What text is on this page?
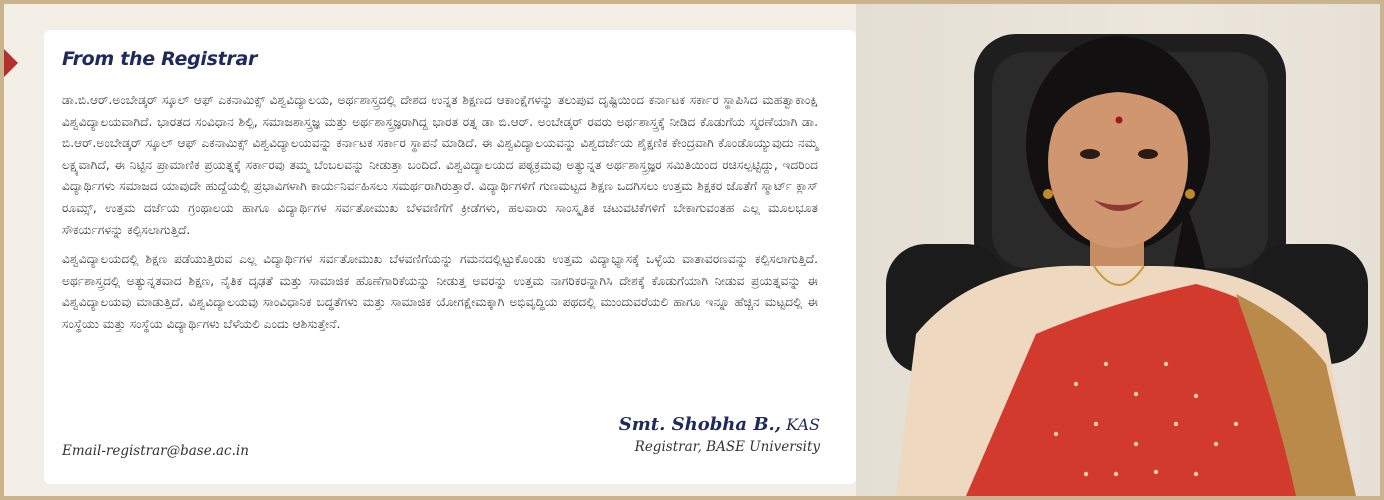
From the Registrar

ಡಾ.ಬಿ.ಆರ್.ಅಂಬೇಡ್ಕರ್ ಸ್ಕೂಲ್ ಆಫ್ ಎಕನಾಮಿಕ್ಸ್ ವಿಶ್ವವಿದ್ಯಾಲಯ, ಅರ್ಥಶಾಸ್ತ್ರದಲ್ಲಿ ದೇಶದ ಉನ್ನತ ಶಿಕ್ಷಣದ ಆಕಾಂಕ್ಷೆಗಳನ್ನು ತಲುಪುವ ದೃಷ್ಟಿಯಿಂದ ಕರ್ನಾಟಕ ಸರ್ಕಾರ ಸ್ಥಾಪಿಸಿದ ಮಹತ್ವಾಕಾಂಕ್ಷಿ ವಿಶ್ವವಿದ್ಯಾಲಯವಾಗಿದೆ. ಭಾರತದ ಸಂವಿಧಾನ ಶಿಲ್ಪಿ, ಸಮಾಜಶಾಸ್ತ್ರಜ್ಞ ಮತ್ತು ಅರ್ಥಶಾಸ್ತ್ರಜ್ಞರಾಗಿದ್ದ ಭಾರತ ರತ್ನ ಡಾ ಬಿ.ಆರ್. ಅಂಬೇಡ್ಕರ್ ರವರು ಅರ್ಥಶಾಸ್ತ್ರಕ್ಕೆ ನೀಡಿದ ಕೊಡುಗೆಯ ಸ್ಮರಣೆಯಾಗಿ ಡಾ. ಬಿ.ಆರ್.ಅಂಬೇಡ್ಕರ್ ಸ್ಕೂಲ್ ಆಫ್ ಎಕನಾಮಿಕ್ಸ್ ವಿಶ್ವವಿದ್ಯಾಲಯವನ್ನು ಕರ್ನಾಟಕ ಸರ್ಕಾರ ಸ್ಥಾಪನೆ ಮಾಡಿದೆ. ಈ ವಿಶ್ವವಿದ್ಯಾಲಯವನ್ನು ವಿಶ್ವದರ್ಜೆಯ ಶೈಕ್ಷಣಿಕ ಕೇಂದ್ರವಾಗಿ ಕೊಂಡೊಯ್ಯುವುದು ನಮ್ಮ ಲಕ್ಷ್ಯವಾಗಿದೆ, ಈ ನಿಟ್ಟಿನ ಪ್ರಾಮಾಣಿಕ ಪ್ರಯತ್ನಕ್ಕೆ ಸರ್ಕಾರವು ತಮ್ಮ ಬೆಂಬಲವನ್ನು ನೀಡುತ್ತಾ ಬಂದಿದೆ. ವಿಶ್ವವಿದ್ಯಾಲಯದ ಪಠ್ಯಕ್ರಮವು ಅತ್ಯುನ್ನತ ಅರ್ಥಶಾಸ್ತ್ರಜ್ಞರ ಸಮಿತಿಯಿಂದ ರಚಿಸಲ್ಪಟ್ಟಿದ್ದು, ಇದರಿಂದ ವಿದ್ಯಾರ್ಥಿಗಳು ಸಮಾಜದ ಯಾವುದೇ ಹುದ್ದೆಯಲ್ಲಿ ಪ್ರಭಾವಿಗಳಾಗಿ ಕಾರ್ಯನಿರ್ವಹಿಸಲು ಸಮರ್ಥರಾಗಿರುತ್ತಾರೆ. ವಿದ್ಯಾರ್ಥಿಗಳಿಗೆ ಗುಣಮಟ್ಟದ ಶಿಕ್ಷಣ ಒದಗಿಸಲು ಉತ್ತಮ ಶಿಕ್ಷಕರ ಜೊತೆಗೆ ಸ್ಮಾರ್ಟ್ ಕ್ಲಾಸ್ ರೂಮ್ಸ್, ಉತ್ತಮ ದರ್ಜೆಯ ಗ್ರಂಥಾಲಯ ಹಾಗೂ ವಿದ್ಯಾರ್ಥಿಗಳ ಸರ್ವತೋಮುಖ ಬೆಳವಣಿಗೆಗೆ ಕ್ರೀಡೆಗಳು, ಹಲವಾರು ಸಾಂಸ್ಕೃತಿಕ ಚಟುವಟಿಕೆಗಳಿಗೆ ಬೇಕಾಗುವಂತಹ ಎಲ್ಲ ಮೂಲಭೂತ ಸೌಕರ್ಯಗಳನ್ನು ಕಲ್ಪಿಸಲಾಗುತ್ತಿದೆ.

ವಿಶ್ವವಿದ್ಯಾಲಯದಲ್ಲಿ ಶಿಕ್ಷಣ ಪಡೆಯುತ್ತಿರುವ ಎಲ್ಲ ವಿದ್ಯಾರ್ಥಿಗಳ ಸರ್ವತೋಮುಖ ಬೆಳವಣಿಗೆಯನ್ನು ಗಮನದಲ್ಲಿಟ್ಟುಕೊಂಡು ಉತ್ತಮ ವಿದ್ಯಾಭ್ಯಾಸಕ್ಕೆ ಒಳ್ಳೆಯ ವಾತಾವರಣವನ್ನು ಕಲ್ಪಿಸಲಾಗುತ್ತಿದೆ. ಅರ್ಥಶಾಸ್ತ್ರದಲ್ಲಿ ಅತ್ಯುನ್ನತವಾದ ಶಿಕ್ಷಣ, ನೈತಿಕ ದೃಢತೆ ಮತ್ತು ಸಾಮಾಜಿಕ ಹೊಣೆಗಾರಿಕೆಯನ್ನು ನೀಡುತ್ತ ಅವರನ್ನು ಉತ್ತಮ ನಾಗರಿಕರನ್ನಾಗಿಸಿ ದೇಶಕ್ಕೆ ಕೊಡುಗೆಯಾಗಿ ನೀಡುವ ಪ್ರಯತ್ನವನ್ನು ಈ ವಿಶ್ವವಿದ್ಯಾಲಯವು ಮಾಡುತ್ತಿದೆ. ವಿಶ್ವವಿದ್ಯಾಲಯವು ಸಾಂವಿಧಾನಿಕ ಬದ್ಧತೆಗಳು ಮತ್ತು ಸಾಮಾಜಿಕ ಯೋಗಕ್ಷೇಮಕ್ಕಾಗಿ ಅಭಿವೃದ್ಧಿಯ ಪಥದಲ್ಲಿ ಮುಂದುವರೆಯಲಿ ಹಾಗೂ ಇನ್ನೂ ಹೆಚ್ಚಿನ ಮಟ್ಟದಲ್ಲಿ ಈ ಸಂಸ್ಥೆಯು ಮತ್ತು ಸಂಸ್ಥೆಯ ವಿದ್ಯಾರ್ಥಿಗಳು ಬೆಳೆಯಲಿ ಎಂದು ಆಶಿಸುತ್ತೇನೆ.

Smt. Shobha B., KAS
Registrar, BASE University
Email-registrar@base.ac.in
